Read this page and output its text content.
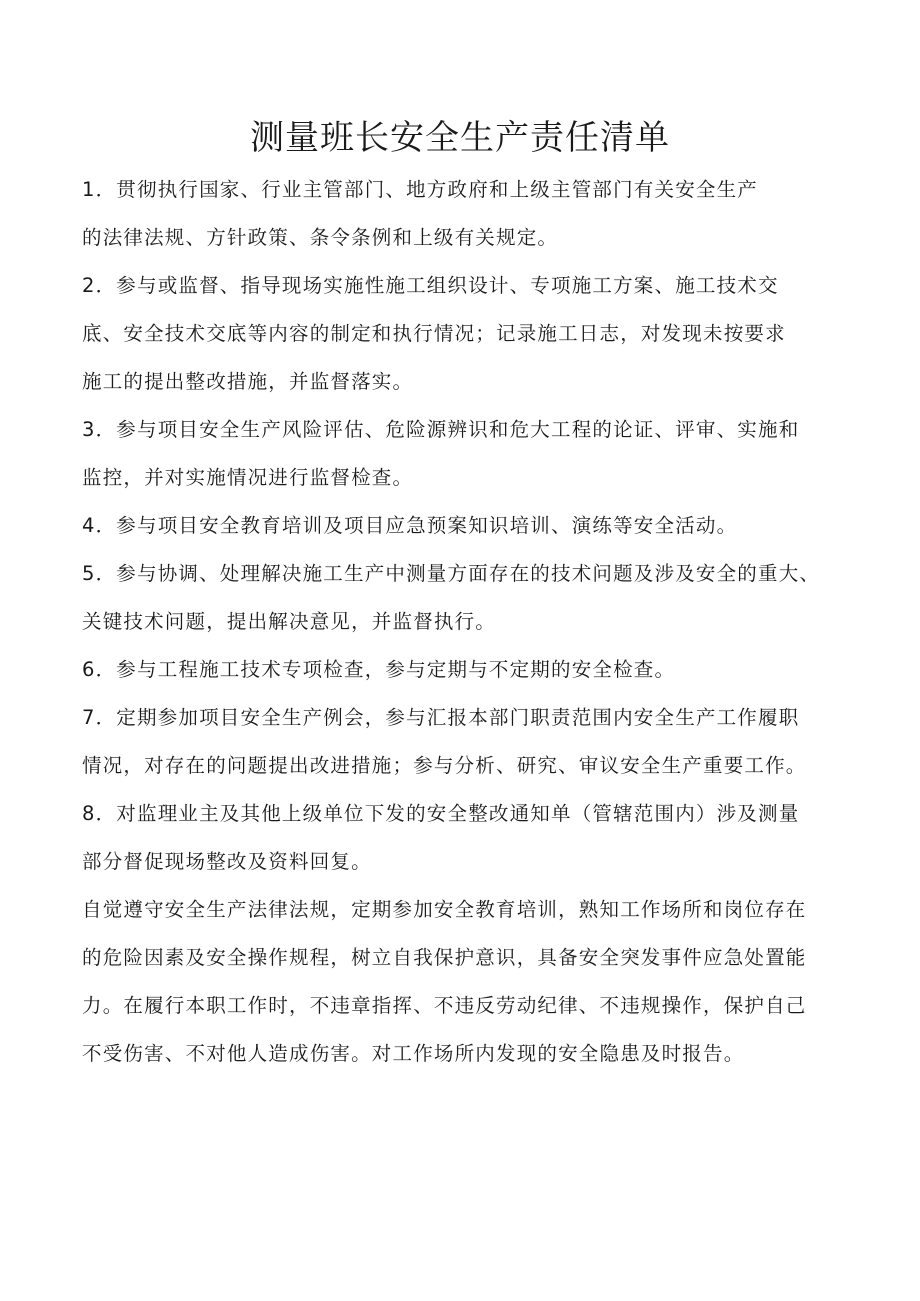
测量班长安全生产责任清单
1．贯彻执行国家、行业主管部门、地方政府和上级主管部门有关安全生产
的法律法规、方针政策、条令条例和上级有关规定。
2．参与或监督、指导现场实施性施工组织设计、专项施工方案、施工技术交
底、安全技术交底等内容的制定和执行情况；记录施工日志，对发现未按要求
施工的提出整改措施，并监督落实。
3．参与项目安全生产风险评估、危险源辨识和危大工程的论证、评审、实施和
监控，并对实施情况进行监督检查。
4．参与项目安全教育培训及项目应急预案知识培训、演练等安全活动。
5．参与协调、处理解决施工生产中测量方面存在的技术问题及涉及安全的重大、
关键技术问题，提出解决意见，并监督执行。
6．参与工程施工技术专项检查，参与定期与不定期的安全检查。
7．定期参加项目安全生产例会，参与汇报本部门职责范围内安全生产工作履职
情况，对存在的问题提出改进措施；参与分析、研究、审议安全生产重要工作。
8．对监理业主及其他上级单位下发的安全整改通知单（管辖范围内）涉及测量
部分督促现场整改及资料回复。
自觉遵守安全生产法律法规，定期参加安全教育培训，熟知工作场所和岗位存在
的危险因素及安全操作规程，树立自我保护意识，具备安全突发事件应急处置能
力。在履行本职工作时，不违章指挥、不违反劳动纪律、不违规操作，保护自己
不受伤害、不对他人造成伤害。对工作场所内发现的安全隐患及时报告。
